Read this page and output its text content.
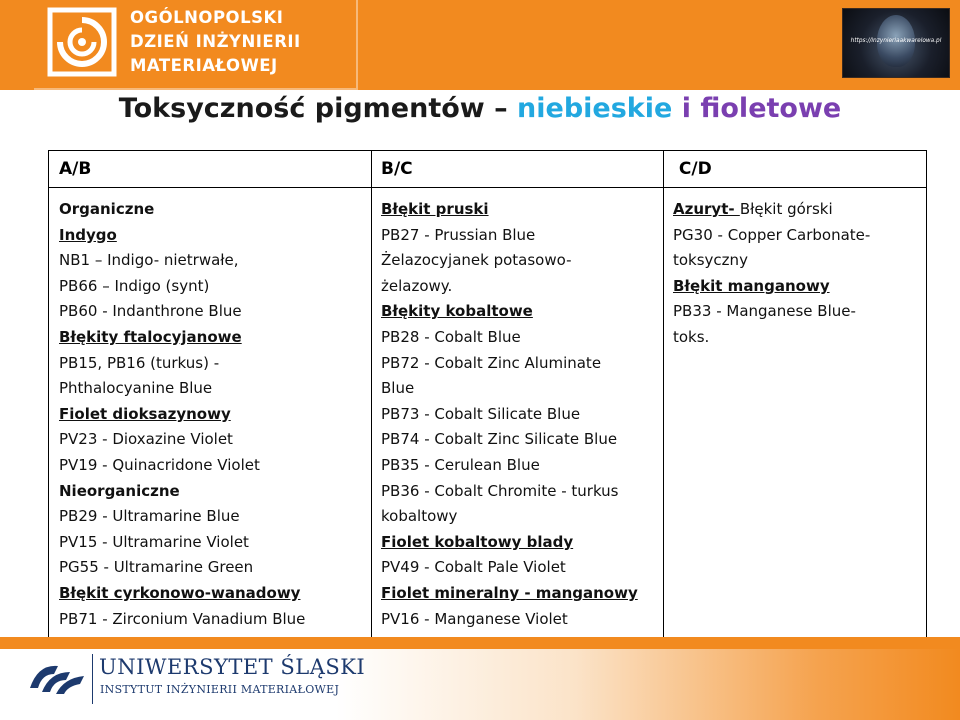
OGÓLNOPOLSKI
DZIEŃ INŻYNIERII
MATERIAŁOWEJ
https://inzynieriaakwarelowa.pl
Toksyczność pigmentów – niebieskie i fioletowe
A/B	B/C	C/D
Organiczne
Indygo
NB1 – Indigo- nietrwałe,
PB66 – Indigo (synt)
PB60 - Indanthrone Blue
Błękity ftalocyjanowe
PB15, PB16 (turkus) -
Phthalocyanine Blue
Fiolet dioksazynowy
PV23 - Dioxazine Violet
PV19 - Quinacridone Violet
Nieorganiczne
PB29 - Ultramarine Blue
PV15 - Ultramarine Violet
PG55 - Ultramarine Green
Błękit cyrkonowo-wanadowy
PB71 - Zirconium Vanadium Blue
Błękit pruski
PB27 - Prussian Blue
Żelazocyjanek potasowo-
żelazowy.
Błękity kobaltowe
PB28 - Cobalt Blue
PB72 - Cobalt Zinc Aluminate
Blue
PB73 - Cobalt Silicate Blue
PB74 - Cobalt Zinc Silicate Blue
PB35 - Cerulean Blue
PB36 - Cobalt Chromite - turkus
kobaltowy
Fiolet kobaltowy blady
PV49 - Cobalt Pale Violet
Fiolet mineralny - manganowy
PV16 - Manganese Violet
Azuryt- Błękit górski
PG30 - Copper Carbonate-
toksyczny
Błękit manganowy
PB33 - Manganese Blue-
toks.
UNIWERSYTET ŚLĄSKI
INSTYTUT INŻYNIERII MATERIAŁOWEJ
